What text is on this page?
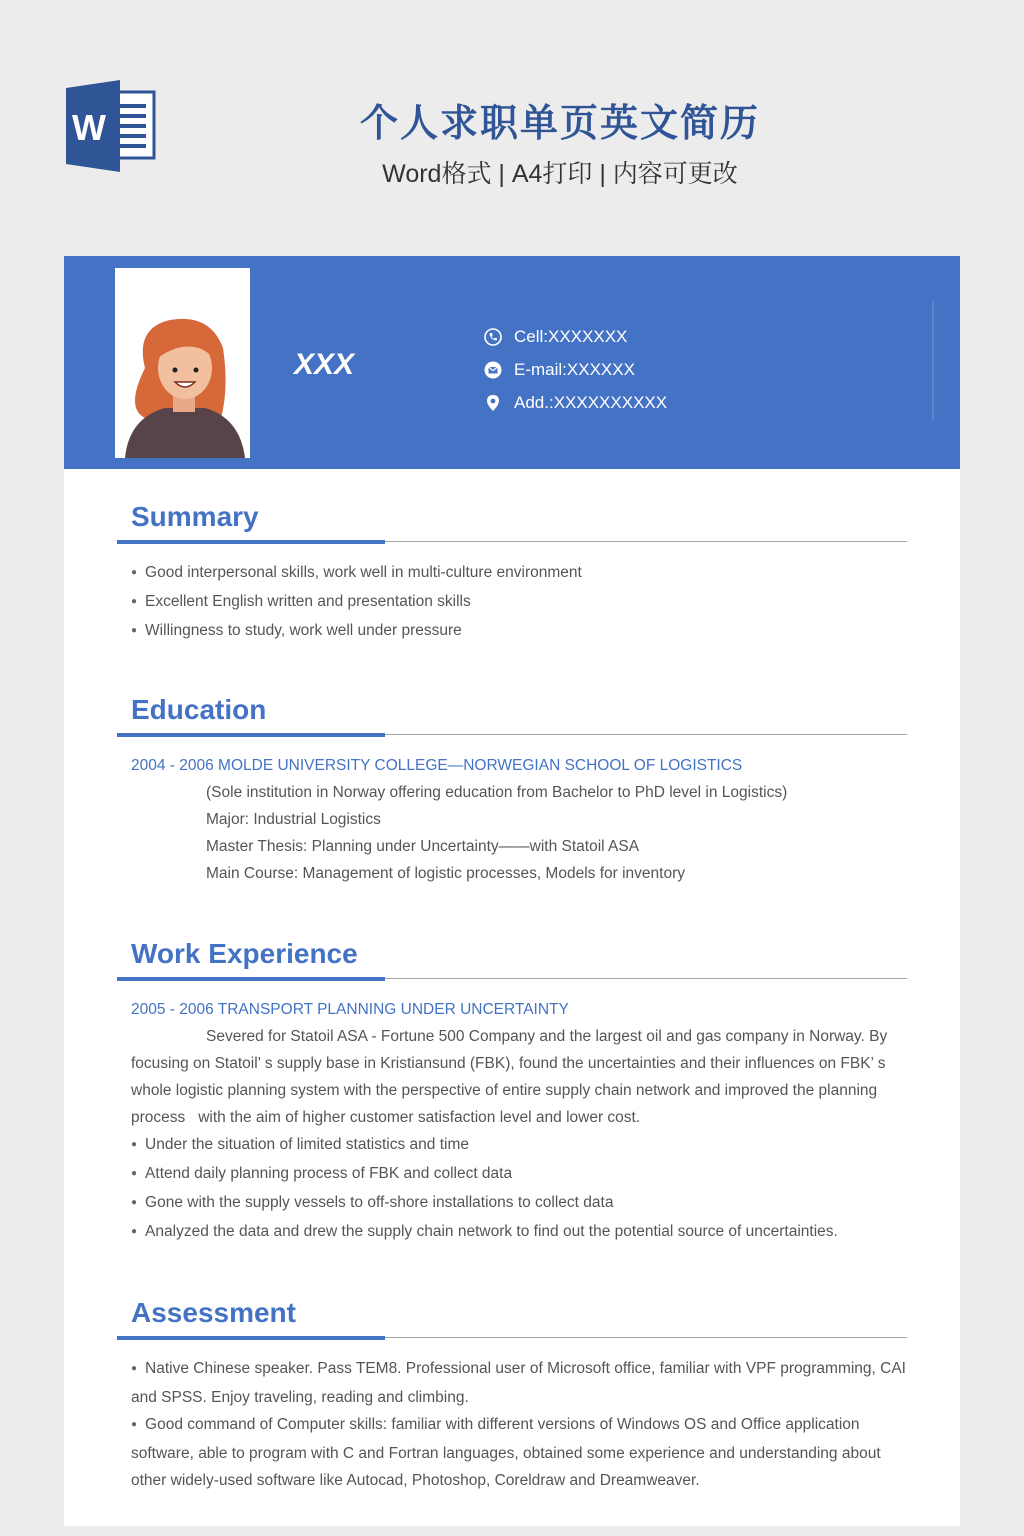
W	个人求职单页英文简历
Word格式 | A4打印 | 内容可更改
XXX
Cell:XXXXXXX
E-mail:XXXXXX
Add.:XXXXXXXXXX
Summary
● Good interpersonal skills, work well in multi-culture environment
● Excellent English written and presentation skills
● Willingness to study, work well under pressure
Education
2004 - 2006 MOLDE UNIVERSITY COLLEGE—NORWEGIAN SCHOOL OF LOGISTICS
(Sole institution in Norway offering education from Bachelor to PhD level in Logistics)
Major: Industrial Logistics
Master Thesis: Planning under Uncertainty——with Statoil ASA
Main Course: Management of logistic processes, Models for inventory
Work Experience
2005 - 2006 TRANSPORT PLANNING UNDER UNCERTAINTY
Severed for Statoil ASA - Fortune 500 Company and the largest oil and gas company in Norway. By focusing on Statoil’ s supply base in Kristiansund (FBK), found the uncertainties and their influences on FBK’ s whole logistic planning system with the perspective of entire supply chain network and improved the planning process   with the aim of higher customer satisfaction level and lower cost.
● Under the situation of limited statistics and time
● Attend daily planning process of FBK and collect data
● Gone with the supply vessels to off-shore installations to collect data
● Analyzed the data and drew the supply chain network to find out the potential source of uncertainties.
Assessment
● Native Chinese speaker. Pass TEM8. Professional user of Microsoft office, familiar with VPF programming, CAI and SPSS. Enjoy traveling, reading and climbing.
● Good command of Computer skills: familiar with different versions of Windows OS and Office application software, able to program with C and Fortran languages, obtained some experience and understanding about other widely-used software like Autocad, Photoshop, Coreldraw and Dreamweaver.
